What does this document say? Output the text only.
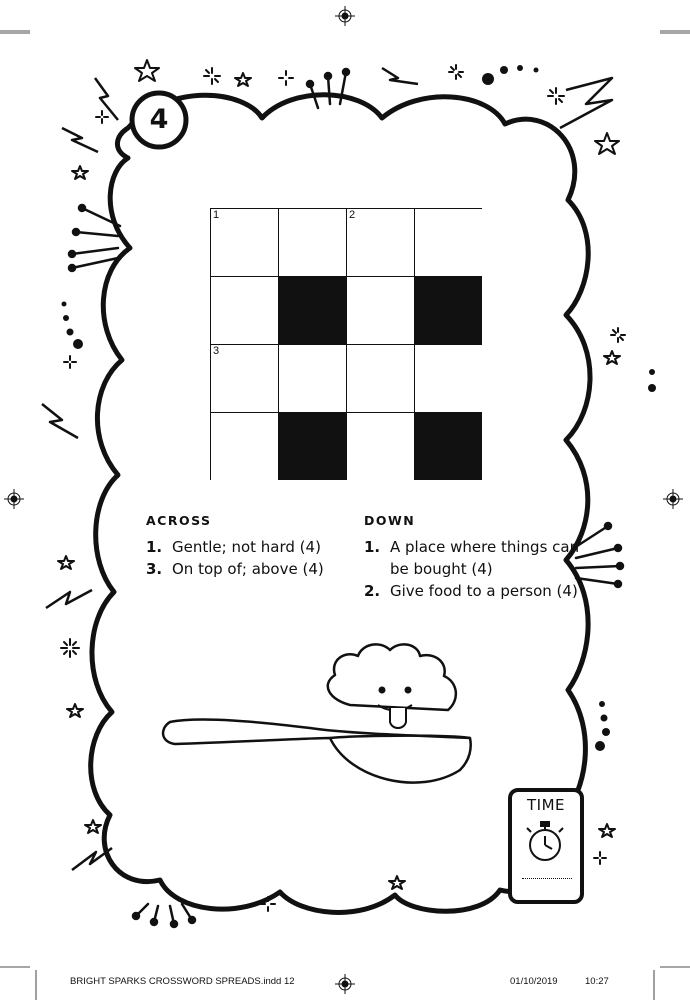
4
1	2
3
ACROSS
1. Gentle; not hard (4)
3. On top of; above (4)
DOWN
1. A place where things can be bought (4)
2. Give food to a person (4)
TIME
BRIGHT SPARKS CROSSWORD SPREADS.indd 12	01/10/2019	10:27
